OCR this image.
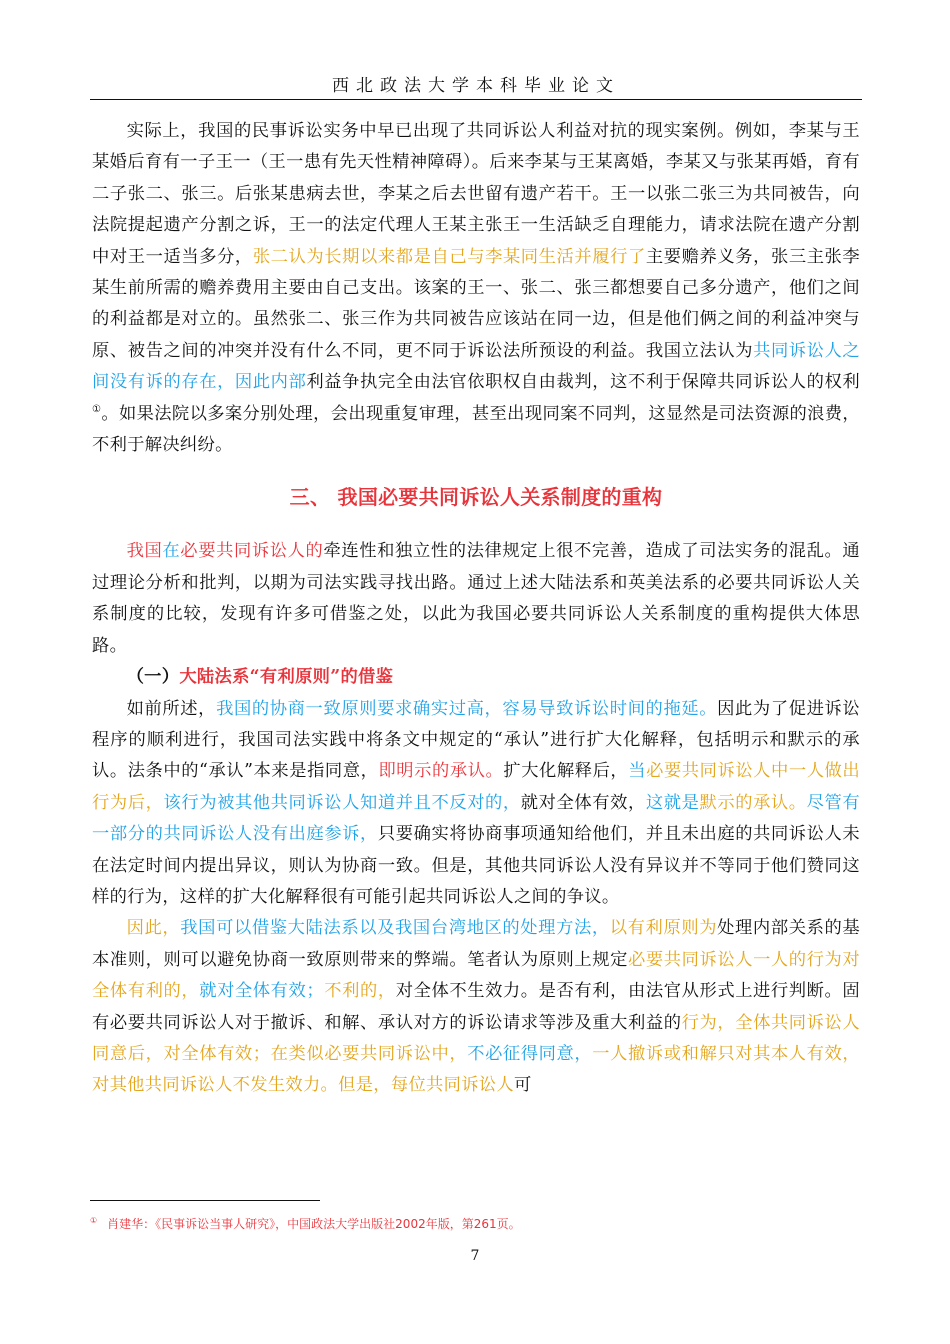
西北政法大学本科毕业论文

实际上，我国的民事诉讼实务中早已出现了共同诉讼人利益对抗的现实案例。例如，李某与王某婚后育有一子王一（王一患有先天性精神障碍）。后来李某与王某离婚，李某又与张某再婚，育有二子张二、张三。后张某患病去世，李某之后去世留有遗产若干。王一以张二张三为共同被告，向法院提起遗产分割之诉，王一的法定代理人王某主张王一生活缺乏自理能力，请求法院在遗产分割中对王一适当多分，张二认为长期以来都是自己与李某同生活并履行了主要赡养义务，张三主张李某生前所需的赡养费用主要由自己支出。该案的王一、张二、张三都想要自己多分遗产，他们之间的利益都是对立的。虽然张二、张三作为共同被告应该站在同一边，但是他们俩之间的利益冲突与原、被告之间的冲突并没有什么不同，更不同于诉讼法所预设的利益。我国立法认为共同诉讼人之间没有诉的存在，因此内部利益争执完全由法官依职权自由裁判，这不利于保障共同诉讼人的权利①。如果法院以多案分别处理，会出现重复审理，甚至出现同案不同判，这显然是司法资源的浪费，不利于解决纠纷。

三、 我国必要共同诉讼人关系制度的重构

我国在必要共同诉讼人的牵连性和独立性的法律规定上很不完善，造成了司法实务的混乱。通过理论分析和批判，以期为司法实践寻找出路。通过上述大陆法系和英美法系的必要共同诉讼人关系制度的比较，发现有许多可借鉴之处，以此为我国必要共同诉讼人关系制度的重构提供大体思路。

（一）大陆法系“有利原则”的借鉴

如前所述，我国的协商一致原则要求确实过高，容易导致诉讼时间的拖延。因此为了促进诉讼程序的顺利进行，我国司法实践中将条文中规定的“承认”进行扩大化解释，包括明示和默示的承认。法条中的“承认”本来是指同意，即明示的承认。扩大化解释后，当必要共同诉讼人中一人做出行为后，该行为被其他共同诉讼人知道并且不反对的，就对全体有效，这就是默示的承认。尽管有一部分的共同诉讼人没有出庭参诉，只要确实将协商事项通知给他们，并且未出庭的共同诉讼人未在法定时间内提出异议，则认为协商一致。但是，其他共同诉讼人没有异议并不等同于他们赞同这样的行为，这样的扩大化解释很有可能引起共同诉讼人之间的争议。

因此，我国可以借鉴大陆法系以及我国台湾地区的处理方法，以有利原则为处理内部关系的基本准则，则可以避免协商一致原则带来的弊端。笔者认为原则上规定必要共同诉讼人一人的行为对全体有利的，就对全体有效；不利的，对全体不生效力。是否有利，由法官从形式上进行判断。固有必要共同诉讼人对于撤诉、和解、承认对方的诉讼请求等涉及重大利益的行为，全体共同诉讼人同意后，对全体有效；在类似必要共同诉讼中，不必征得同意，一人撤诉或和解只对其本人有效，对其他共同诉讼人不发生效力。但是，每位共同诉讼人可

① 肖建华：《民事诉讼当事人研究》，中国政法大学出版社2002年版，第261页。
7
